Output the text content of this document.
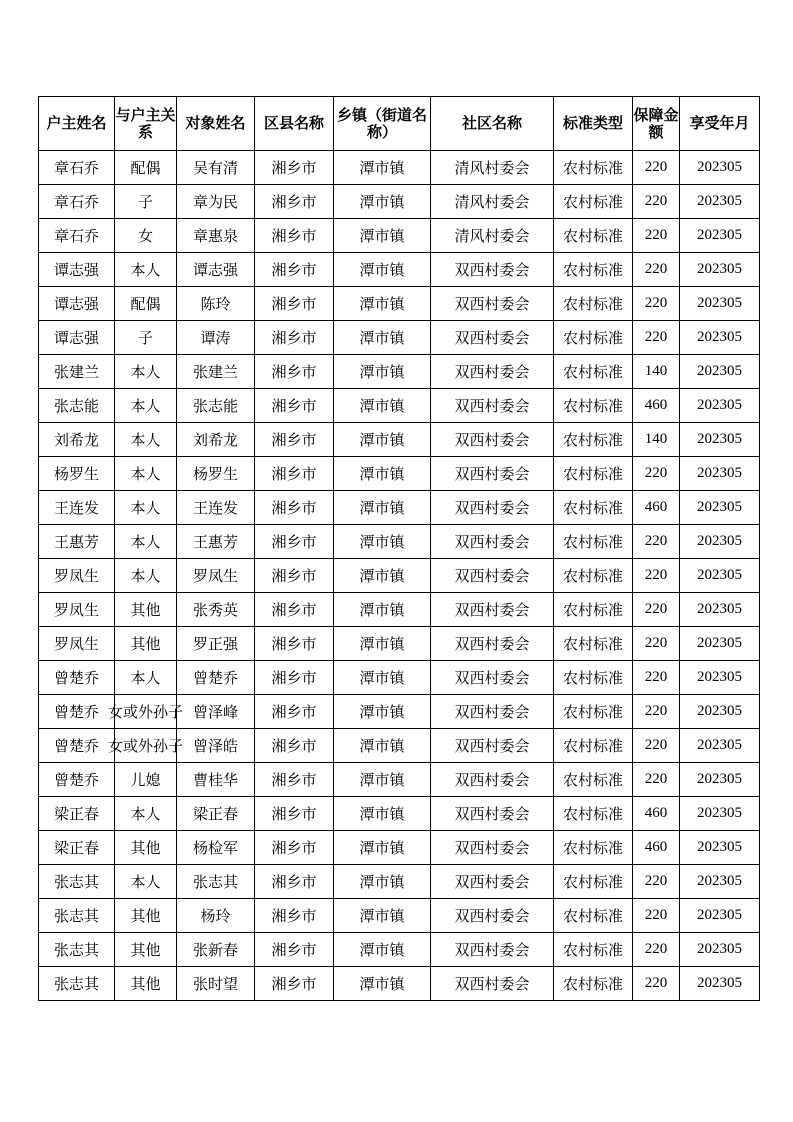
户主姓名	与户主关系	对象姓名	区县名称	乡镇（街道名称）	社区名称	标准类型	保障金额	享受年月
章石乔	配偶	吴有清	湘乡市	潭市镇	清风村委会	农村标准	220	202305
章石乔	子	章为民	湘乡市	潭市镇	清风村委会	农村标准	220	202305
章石乔	女	章惠泉	湘乡市	潭市镇	清风村委会	农村标准	220	202305
谭志强	本人	谭志强	湘乡市	潭市镇	双西村委会	农村标准	220	202305
谭志强	配偶	陈玲	湘乡市	潭市镇	双西村委会	农村标准	220	202305
谭志强	子	谭涛	湘乡市	潭市镇	双西村委会	农村标准	220	202305
张建兰	本人	张建兰	湘乡市	潭市镇	双西村委会	农村标准	140	202305
张志能	本人	张志能	湘乡市	潭市镇	双西村委会	农村标准	460	202305
刘希龙	本人	刘希龙	湘乡市	潭市镇	双西村委会	农村标准	140	202305
杨罗生	本人	杨罗生	湘乡市	潭市镇	双西村委会	农村标准	220	202305
王连发	本人	王连发	湘乡市	潭市镇	双西村委会	农村标准	460	202305
王惠芳	本人	王惠芳	湘乡市	潭市镇	双西村委会	农村标准	220	202305
罗凤生	本人	罗凤生	湘乡市	潭市镇	双西村委会	农村标准	220	202305
罗凤生	其他	张秀英	湘乡市	潭市镇	双西村委会	农村标准	220	202305
罗凤生	其他	罗正强	湘乡市	潭市镇	双西村委会	农村标准	220	202305
曾楚乔	本人	曾楚乔	湘乡市	潭市镇	双西村委会	农村标准	220	202305
曾楚乔	女或外孙子	曾泽峰	湘乡市	潭市镇	双西村委会	农村标准	220	202305
曾楚乔	女或外孙子	曾泽皓	湘乡市	潭市镇	双西村委会	农村标准	220	202305
曾楚乔	儿媳	曹桂华	湘乡市	潭市镇	双西村委会	农村标准	220	202305
梁正春	本人	梁正春	湘乡市	潭市镇	双西村委会	农村标准	460	202305
梁正春	其他	杨检军	湘乡市	潭市镇	双西村委会	农村标准	460	202305
张志其	本人	张志其	湘乡市	潭市镇	双西村委会	农村标准	220	202305
张志其	其他	杨玲	湘乡市	潭市镇	双西村委会	农村标准	220	202305
张志其	其他	张新春	湘乡市	潭市镇	双西村委会	农村标准	220	202305
张志其	其他	张时望	湘乡市	潭市镇	双西村委会	农村标准	220	202305
